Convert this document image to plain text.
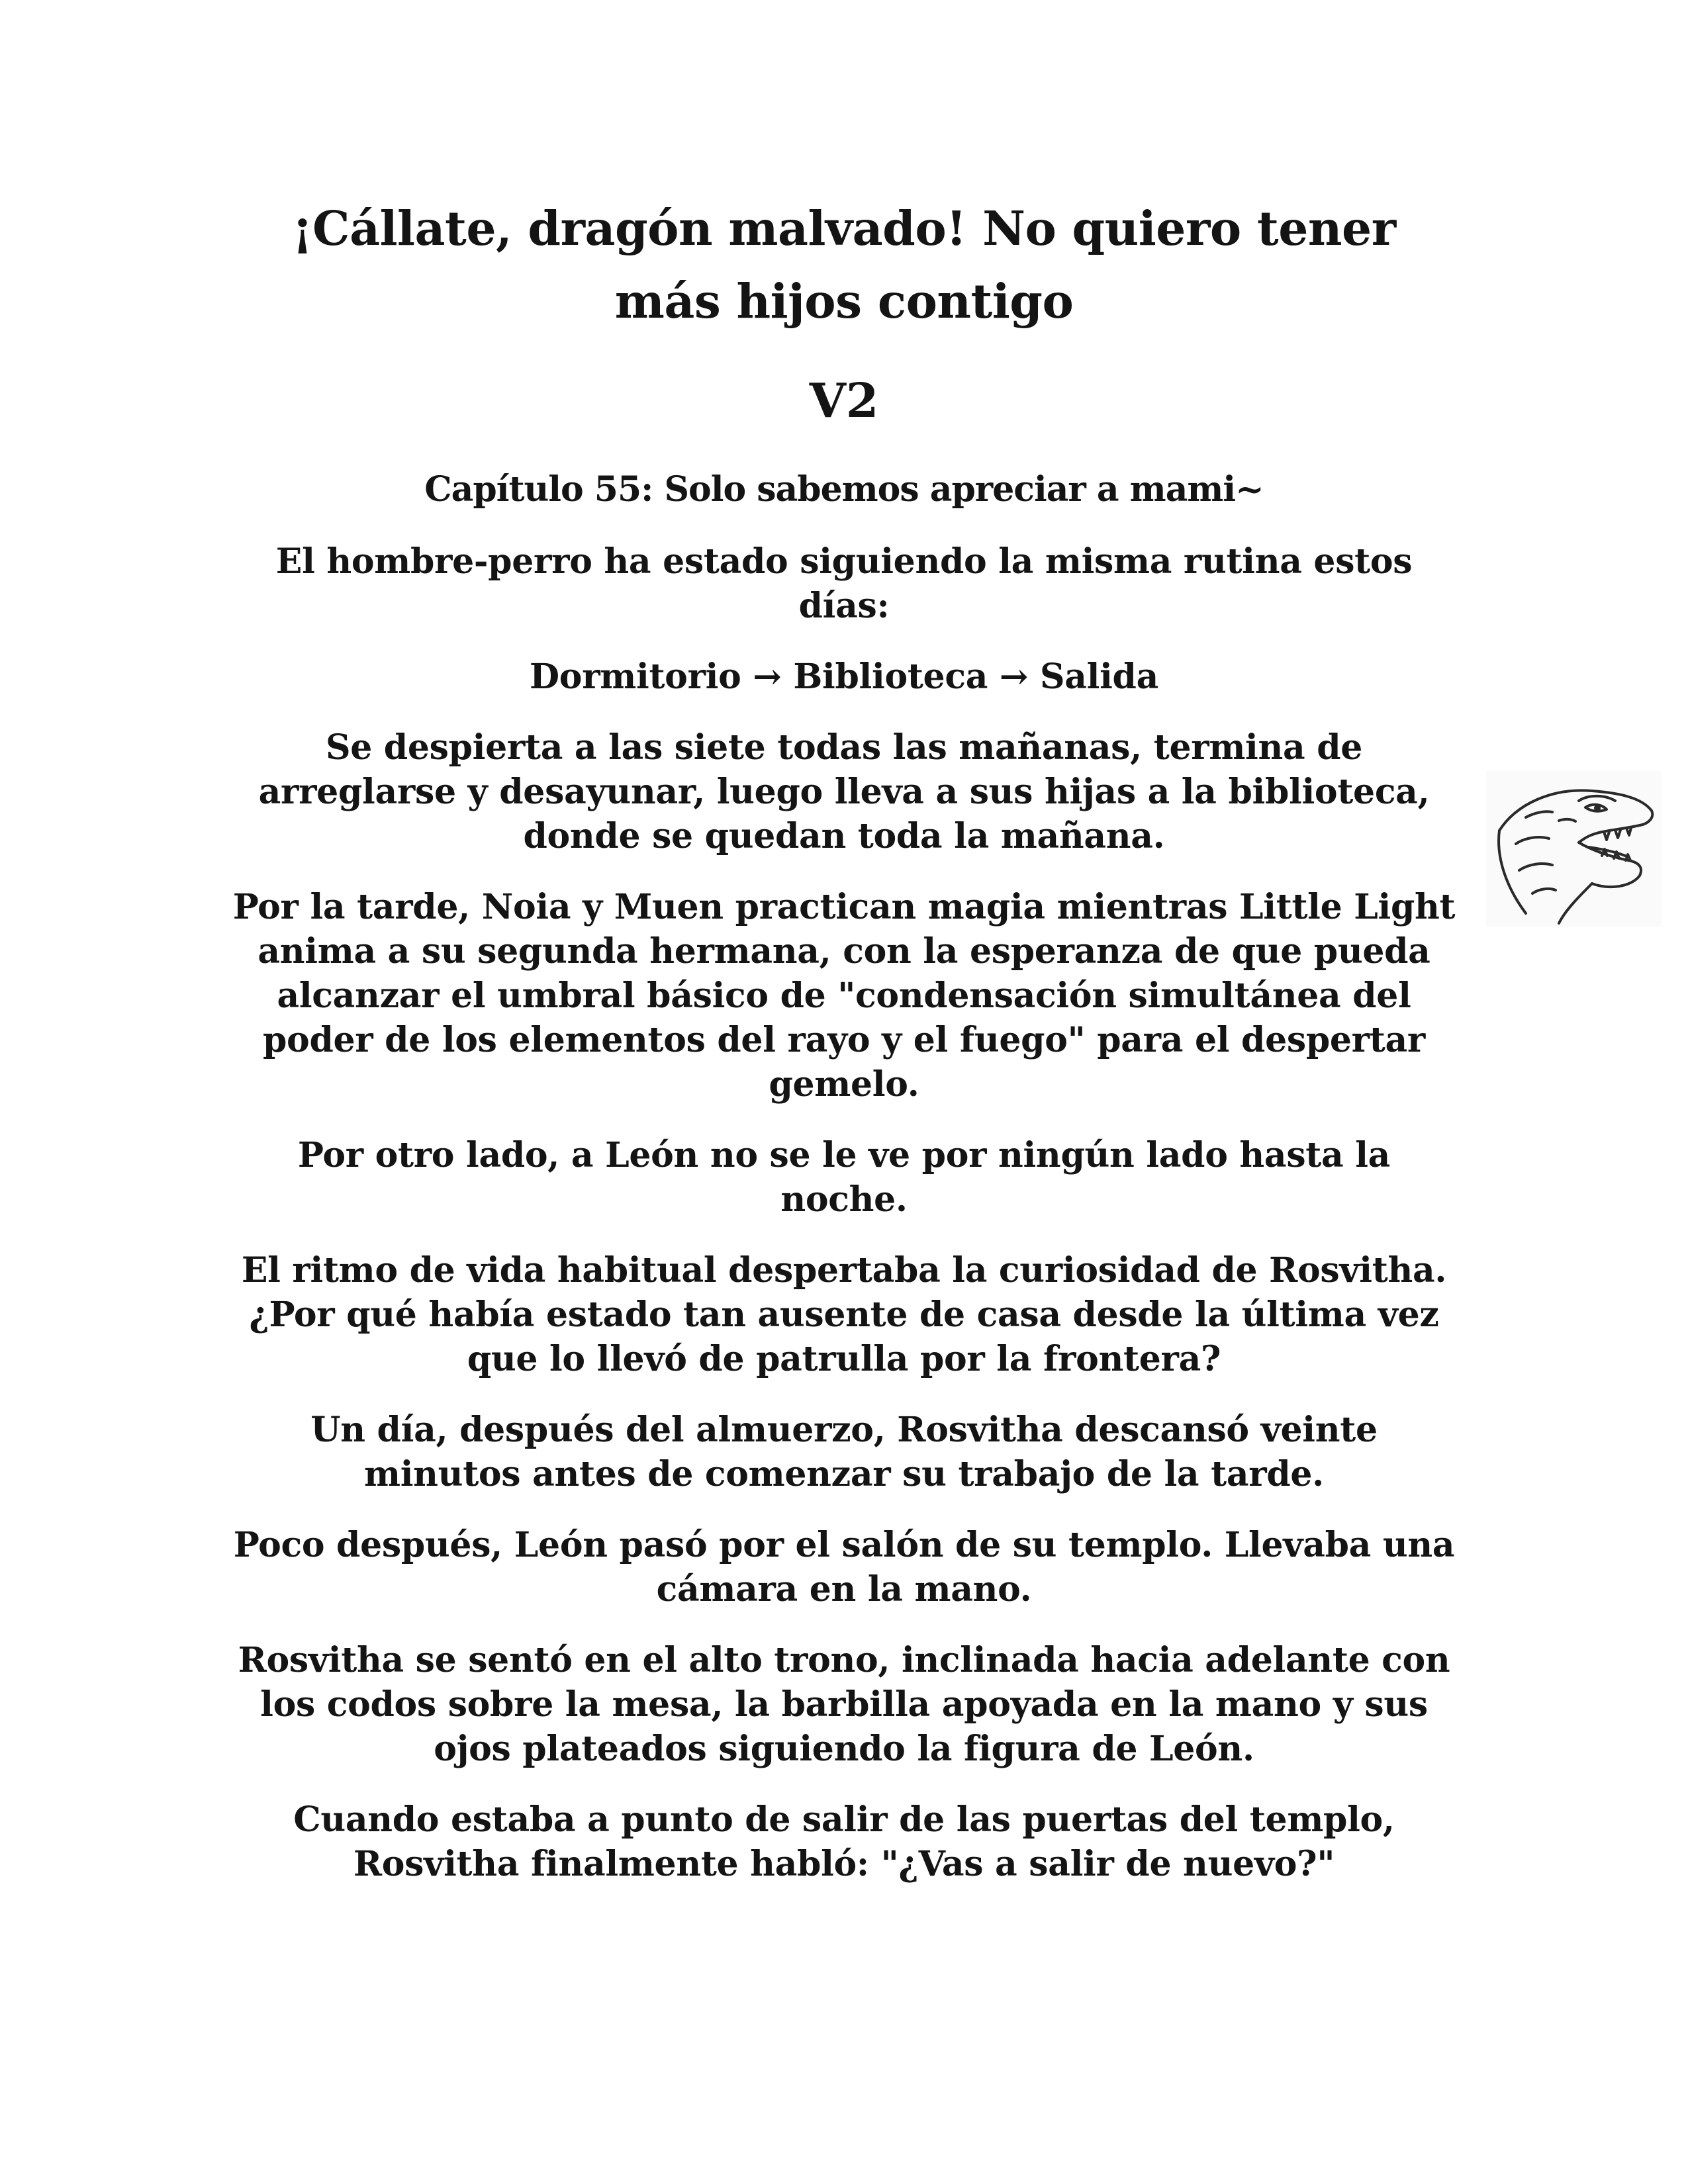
¡Cállate, dragón malvado! No quiero tener más hijos contigo
V2
Capítulo 55: Solo sabemos apreciar a mami~

El hombre-perro ha estado siguiendo la misma rutina estos días:

Dormitorio → Biblioteca → Salida

Se despierta a las siete todas las mañanas, termina de arreglarse y desayunar, luego lleva a sus hijas a la biblioteca, donde se quedan toda la mañana.

Por la tarde, Noia y Muen practican magia mientras Little Light anima a su segunda hermana, con la esperanza de que pueda alcanzar el umbral básico de "condensación simultánea del poder de los elementos del rayo y el fuego" para el despertar gemelo.

Por otro lado, a León no se le ve por ningún lado hasta la noche.

El ritmo de vida habitual despertaba la curiosidad de Rosvitha. ¿Por qué había estado tan ausente de casa desde la última vez que lo llevó de patrulla por la frontera?

Un día, después del almuerzo, Rosvitha descansó veinte minutos antes de comenzar su trabajo de la tarde.

Poco después, León pasó por el salón de su templo. Llevaba una cámara en la mano.

Rosvitha se sentó en el alto trono, inclinada hacia adelante con los codos sobre la mesa, la barbilla apoyada en la mano y sus ojos plateados siguiendo la figura de León.

Cuando estaba a punto de salir de las puertas del templo, Rosvitha finalmente habló: "¿Vas a salir de nuevo?"
